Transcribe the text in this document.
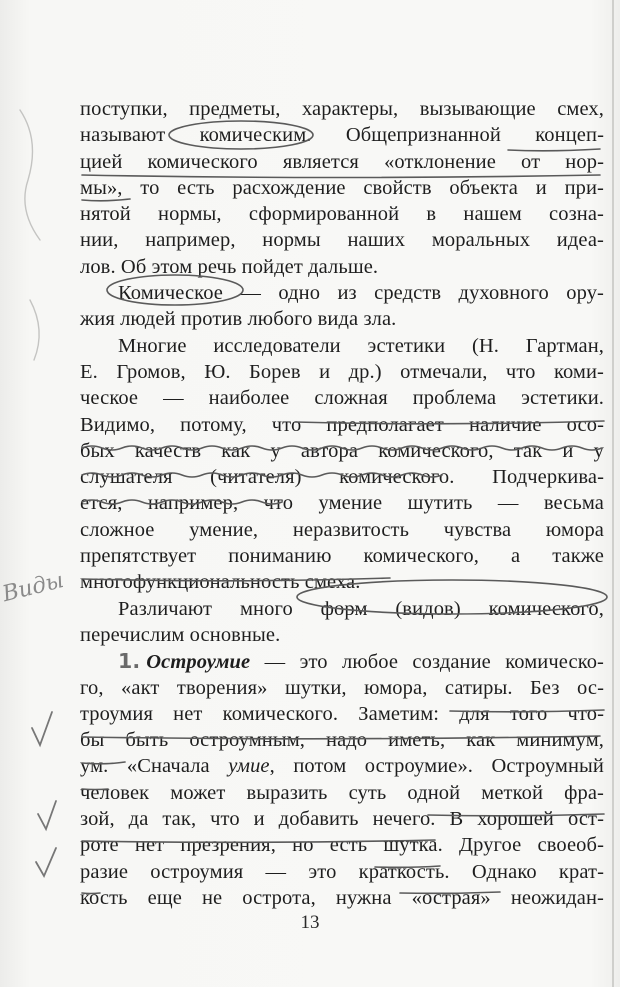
поступки, предметы, характеры, вызывающие смех,
называют комическим. Общепризнанной концеп-
цией комического является «отклонение от нор-
мы», то есть расхождение свойств объекта и при-
нятой нормы, сформированной в нашем сознa-
нии, например, нормы наших моральных идеа-
лов. Об этом речь пойдет дальше.
Комическое — одно из средств духовного ору-
жия людей против любого вида зла.
Многие исследователи эстетики (Н. Гартман,
Е. Громов, Ю. Борев и др.) отмечали, что коми-
ческое — наиболее сложная проблема эстетики.
Видимо, потому, что предполагает наличие осо-
бых качеств как у автора комического, так и у
слушателя (читателя) комического. Подчеркива-
ется, например, что умение шутить — весьма
сложное умение, неразвитость чувства юмора
препятствует пониманию комического, а также
многофункциональность смеха.
Различают много форм (видов) комического,
перечислим основные.
1. Остроумие — это любое создание комическо-
го, «акт творения» шутки, юмора, сатиры. Без ос-
троумия нет комического. Заметим: для того что-
бы быть остроумным, надо иметь, как минимум,
ум. «Сначала умие, потом остроумие». Остроумный
человек может выразить суть одной меткой фра-
зой, да так, что и добавить нечего. В хорошей ост-
роте нет презрения, но есть шутка. Другое своеоб-
разие остроумия — это краткость. Однако крат-
кость еще не острота, нужна «острая» неожидан-
Виды
13
